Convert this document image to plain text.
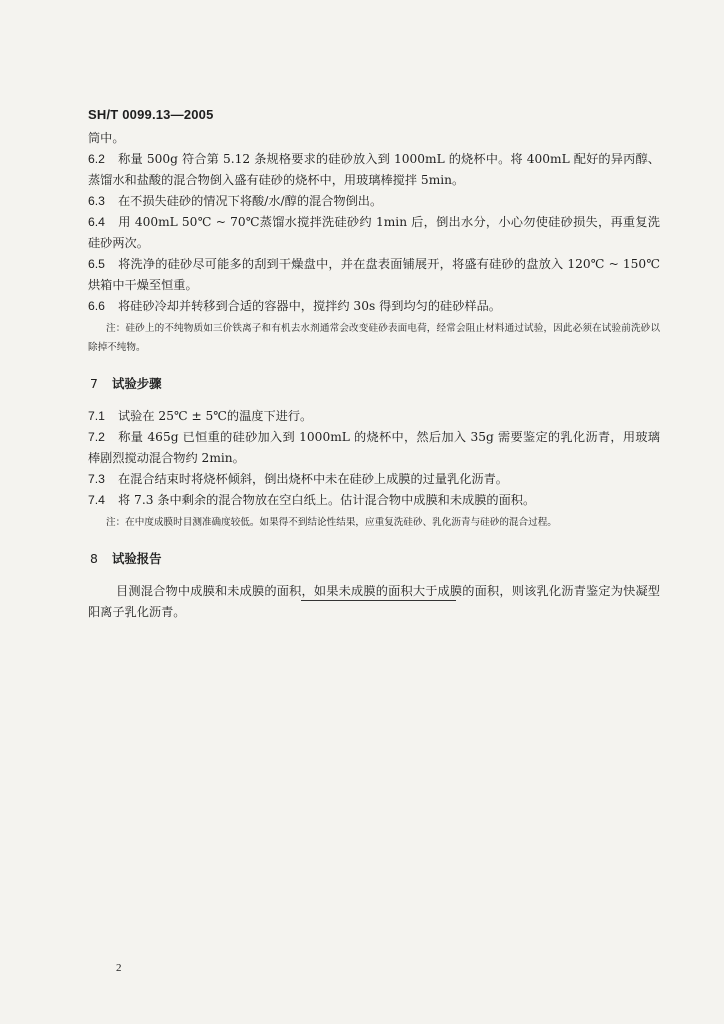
SH/T 0099.13—2005

筒中。

6.2 称量 500g 符合第 5.12 条规格要求的硅砂放入到 1000mL 的烧杯中。将 400mL 配好的异丙醇、蒸馏水和盐酸的混合物倒入盛有硅砂的烧杯中，用玻璃棒搅拌 5min。

6.3 在不损失硅砂的情况下将酸/水/醇的混合物倒出。

6.4 用 400mL 50℃ ~ 70℃蒸馏水搅拌洗硅砂约 1min 后，倒出水分，小心勿使硅砂损失，再重复洗硅砂两次。

6.5 将洗净的硅砂尽可能多的刮到干燥盘中，并在盘表面铺展开，将盛有硅砂的盘放入 120℃ ~ 150℃烘箱中干燥至恒重。

6.6 将硅砂冷却并转移到合适的容器中，搅拌约 30s 得到均匀的硅砂样品。

注：硅砂上的不纯物质如三价铁离子和有机去水剂通常会改变硅砂表面电荷，经常会阻止材料通过试验，因此必须在试验前洗砂以除掉不纯物。

7 试验步骤

7.1 试验在 25℃ ± 5℃的温度下进行。

7.2 称量 465g 已恒重的硅砂加入到 1000mL 的烧杯中，然后加入 35g 需要鉴定的乳化沥青，用玻璃棒剧烈搅动混合物约 2min。

7.3 在混合结束时将烧杯倾斜，倒出烧杯中未在硅砂上成膜的过量乳化沥青。

7.4 将 7.3 条中剩余的混合物放在空白纸上。估计混合物中成膜和未成膜的面积。

注：在中度成膜时目测准确度较低。如果得不到结论性结果，应重复洗硅砂、乳化沥青与硅砂的混合过程。

8 试验报告

目测混合物中成膜和未成膜的面积，如果未成膜的面积大于成膜的面积，则该乳化沥青鉴定为快凝型阳离子乳化沥青。

2
